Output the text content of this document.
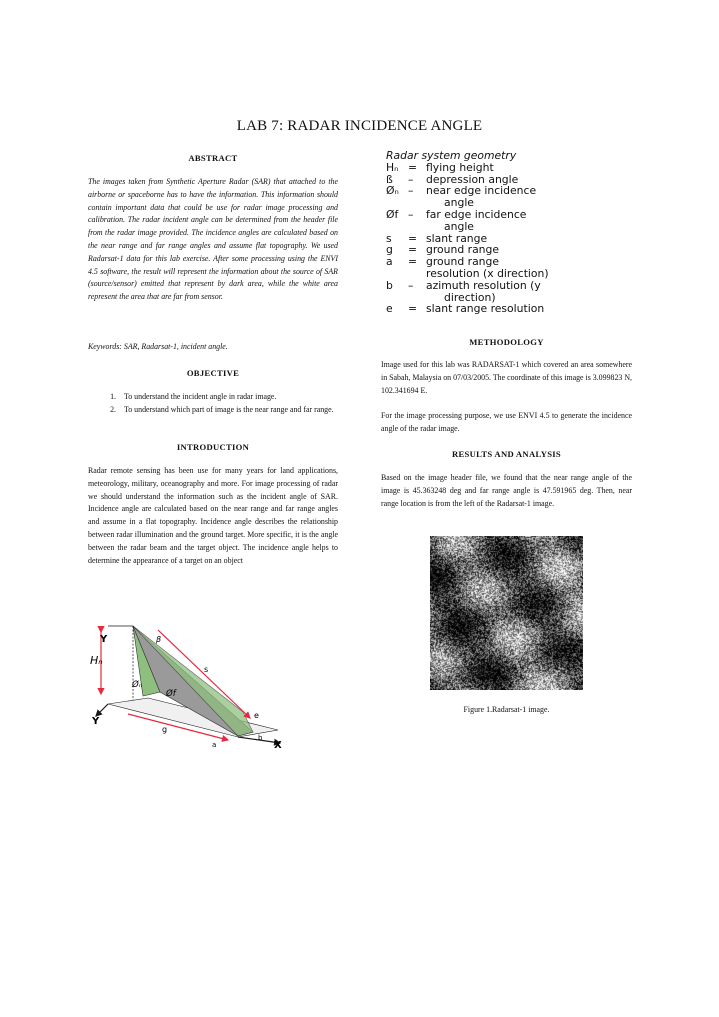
LAB 7: RADAR INCIDENCE ANGLE
ABSTRACT
The images taken from Synthetic Aperture Radar (SAR) that attached to the airborne or spaceborne has to have the information. This information should contain important data that could be use for radar image processing and calibration. The radar incident angle can be determined from the header file from the radar image provided. The incidence angles are calculated based on the near range and far range angles and assume flat topography. We used Radarsat-1 data for this lab exercise. After some processing using the ENVI 4.5 software, the result will represent the information about the source of SAR (source/sensor) emitted that represent by dark area, while the white area represent the area that are far from sensor.
Keywords: SAR, Radarsat-1, incident angle.
OBJECTIVE
1. To understand the incident angle in radar image.
2. To understand which part of image is the near range and far range.
INTRODUCTION
Radar remote sensing has been use for many years for land applications, meteorology, military, oceanography and more. For image processing of radar we should understand the information such as the incident angle of SAR. Incidence angle are calculated based on the near range and far range angles and assume in a flat topography. Incidence angle describes the relationship between radar illumination and the ground target. More specific, it is the angle between the radar beam and the target object. The incidence angle helps to determine the appearance of a target on an object
Y
Hₙ
β
s
Øₙ
Øf
e
Y
g
a
b
X
Radar system geometry
Hₙ = flying height
ß	–	depression angle
Øₙ –	near edge incidence
angle
Øf –	far edge incidence
angle
s	= slant range
g	= ground range
a	= ground range
resolution (x direction)
b	–	azimuth resolution (y
direction)
e	= slant range resolution
METHODOLOGY
Image used for this lab was RADARSAT-1 which covered an area somewhere in Sabah, Malaysia on 07/03/2005. The coordinate of this image is 3.099823 N, 102.341694 E.
For the image processing purpose, we use ENVI 4.5 to generate the incidence angle of the radar image.
RESULTS AND ANALYSIS
Based on the image header file, we found that the near range angle of the image is 45.363248 deg and far range angle is 47.591965 deg. Then, near range location is from the left of the Radarsat-1 image.
Figure 1.Radarsat-1 image.
